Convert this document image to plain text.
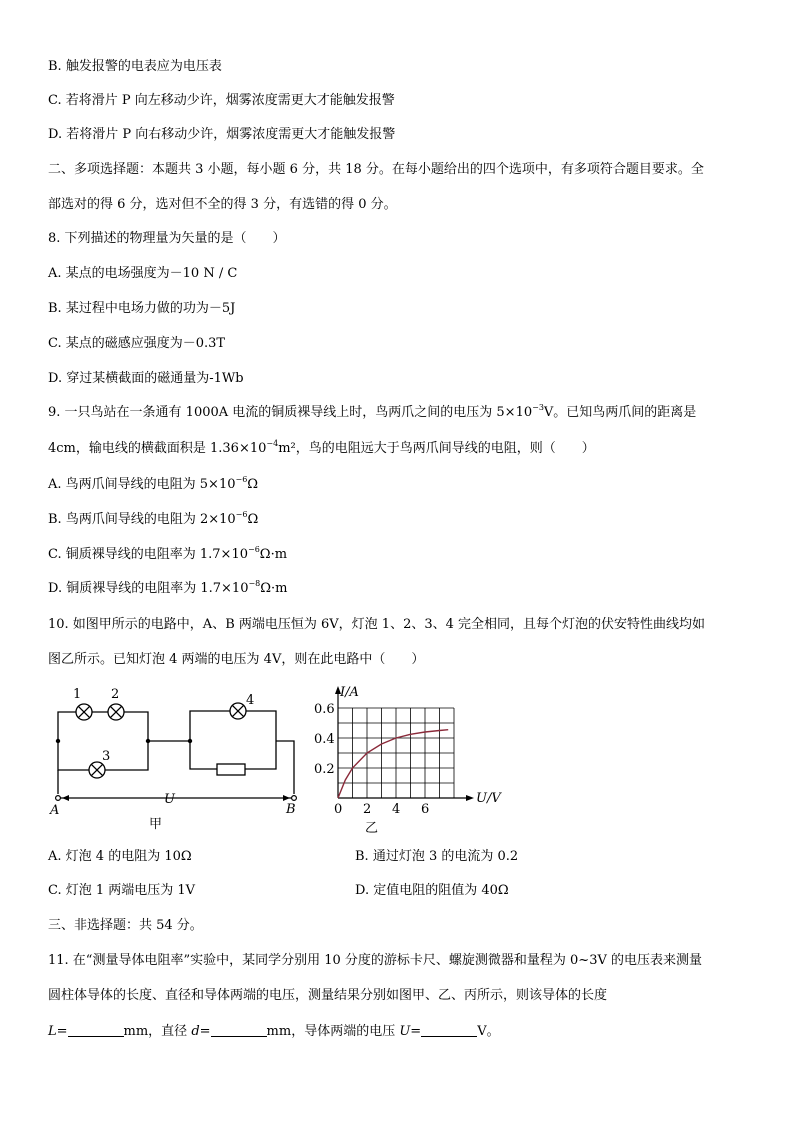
B. 触发报警的电表应为电压表
C. 若将滑片 P 向左移动少许，烟雾浓度需更大才能触发报警
D. 若将滑片 P 向右移动少许，烟雾浓度需更大才能触发报警
二、多项选择题：本题共 3 小题，每小题 6 分，共 18 分。在每小题给出的四个选项中，有多项符合题目要求。全
部选对的得 6 分，选对但不全的得 3 分，有选错的得 0 分。
8. 下列描述的物理量为矢量的是（　　）
A. 某点的电场强度为－10 N / C
B. 某过程中电场力做的功为－5J
C. 某点的磁感应强度为－0.3T
D. 穿过某横截面的磁通量为-1Wb
9. 一只鸟站在一条通有 1000A 电流的铜质裸导线上时，鸟两爪之间的电压为 $5\times 10^{-3}V$。已知鸟两爪间的距离是
4cm，输电线的横截面积是 $1.36\times 10^{-4}m^2$，鸟的电阻远大于鸟两爪间导线的电阻，则（　　）
A. 鸟两爪间导线的电阻为 $5\times 10^{-6}\Omega$
B. 鸟两爪间导线的电阻为 $2\times 10^{-6}\Omega$
C. 铜质裸导线的电阻率为 $1.7\times 10^{-6}\Omega\cdot m$
D. 铜质裸导线的电阻率为 $1.7\times 10^{-8}\Omega\cdot m$
10. 如图甲所示的电路中，A、B 两端电压恒为 6V，灯泡 1、2、3、4 完全相同，且每个灯泡的伏安特性曲线均如
图乙所示。已知灯泡 4 两端的电压为 4V，则在此电路中（　　）
1 2
3
4
A	B
U
甲
0 2 4 6
0.2
0.4
0.6
I/A
U/V
乙
A. 灯泡 4 的电阻为 10Ω	B. 通过灯泡 3 的电流为 0.2
C. 灯泡 1 两端电压为 1V	D. 定值电阻的阻值为 40Ω
三、非选择题：共 54 分。
11. 在“测量导体电阻率”实验中，某同学分别用 10 分度的游标卡尺、螺旋测微器和量程为 0~3V 的电压表来测量
圆柱体导体的长度、直径和导体两端的电压，测量结果分别如图甲、乙、丙所示，则该导体的长度
L=	mm，直径 d=	mm，导体两端的电压 U=	V。
